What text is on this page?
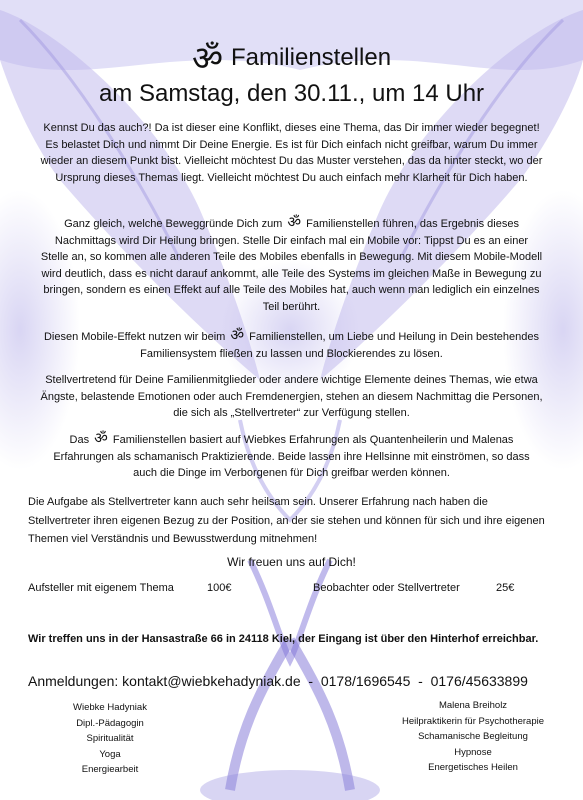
ॐ Familienstellen
am Samstag, den 30.11., um 14 Uhr
Kennst Du das auch?! Da ist dieser eine Konflikt, dieses eine Thema, das Dir immer wieder begegnet! Es belastet Dich und nimmt Dir Deine Energie. Es ist für Dich einfach nicht greifbar, warum Du immer wieder an diesem Punkt bist. Vielleicht möchtest Du das Muster verstehen, das da hinter steckt, wo der Ursprung dieses Themas liegt. Vielleicht möchtest Du auch einfach mehr Klarheit für Dich haben.
Ganz gleich, welche Beweggründe Dich zum ॐ Familienstellen führen, das Ergebnis dieses Nachmittags wird Dir Heilung bringen. Stelle Dir einfach mal ein Mobile vor: Tippst Du es an einer Stelle an, so kommen alle anderen Teile des Mobiles ebenfalls in Bewegung. Mit diesem Mobile-Modell wird deutlich, dass es nicht darauf ankommt, alle Teile des Systems im gleichen Maße in Bewegung zu bringen, sondern es einen Effekt auf alle Teile des Mobiles hat, auch wenn man lediglich ein einzelnes Teil berührt.
Diesen Mobile-Effekt nutzen wir beim ॐ Familienstellen, um Liebe und Heilung in Dein bestehendes Familiensystem fließen zu lassen und Blockierendes zu lösen.
Stellvertretend für Deine Familienmitglieder oder andere wichtige Elemente deines Themas, wie etwa Ängste, belastende Emotionen oder auch Fremdenergien, stehen an diesem Nachmittag die Personen, die sich als „Stellvertreter“ zur Verfügung stellen.
Das ॐ Familienstellen basiert auf Wiebkes Erfahrungen als Quantenheilerin und Malenas Erfahrungen als schamanisch Praktizierende. Beide lassen ihre Hellsinne mit einströmen, so dass auch die Dinge im Verborgenen für Dich greifbar werden können.
Die Aufgabe als Stellvertreter kann auch sehr heilsam sein. Unserer Erfahrung nach haben die Stellvertreter ihren eigenen Bezug zu der Position, an der sie stehen und können für sich und ihre eigenen Themen viel Verständnis und Bewusstwerdung mitnehmen!
Wir freuen uns auf Dich!
Aufsteller mit eigenem Thema	100€	Beobachter oder Stellvertreter	25€
Wir treffen uns in der Hansastraße 66 in 24118 Kiel, der Eingang ist über den Hinterhof erreichbar.
Anmeldungen: kontakt@wiebkehadyniak.de  -  0178/1696545  -  0176/45633899
Wiebke Hadyniak
Dipl.-Pädagogin
Spiritualität
Yoga
Energiearbeit
Malena Breiholz
Heilpraktikerin für Psychotherapie
Schamanische Begleitung
Hypnose
Energetisches Heilen
